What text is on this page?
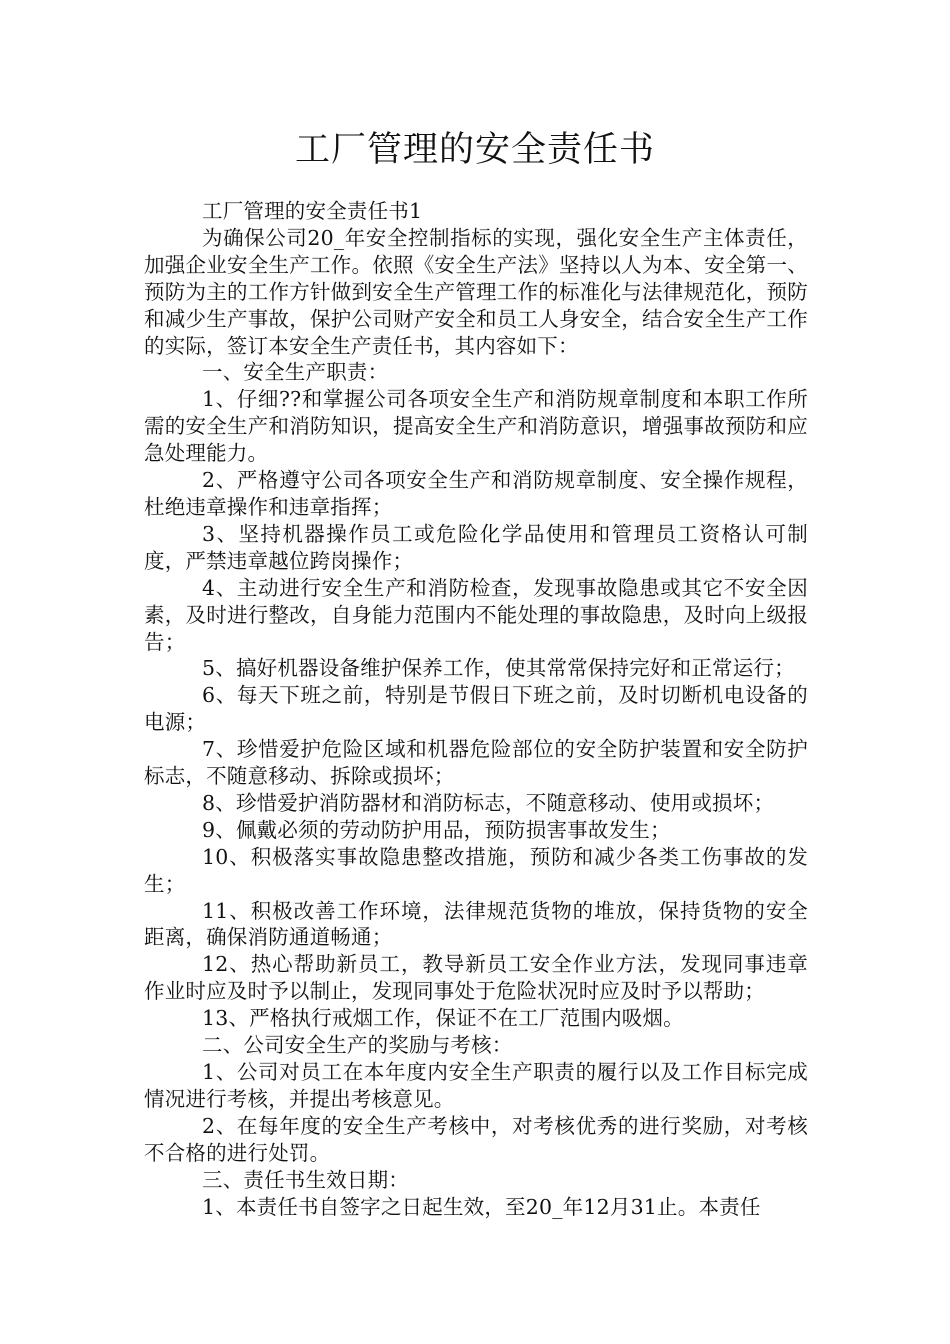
工厂管理的安全责任书

工厂管理的安全责任书1

为确保公司20_年安全控制指标的实现，强化安全生产主体责任，加强企业安全生产工作。依照《安全生产法》坚持以人为本、安全第一、预防为主的工作方针做到安全生产管理工作的标准化与法律规范化，预防和减少生产事故，保护公司财产安全和员工人身安全，结合安全生产工作的实际，签订本安全生产责任书，其内容如下：

一、安全生产职责：

1、仔细??和掌握公司各项安全生产和消防规章制度和本职工作所需的安全生产和消防知识，提高安全生产和消防意识，增强事故预防和应急处理能力。

2、严格遵守公司各项安全生产和消防规章制度、安全操作规程，杜绝违章操作和违章指挥；

3、坚持机器操作员工或危险化学品使用和管理员工资格认可制度，严禁违章越位跨岗操作；

4、主动进行安全生产和消防检查，发现事故隐患或其它不安全因素，及时进行整改，自身能力范围内不能处理的事故隐患，及时向上级报告；

5、搞好机器设备维护保养工作，使其常常保持完好和正常运行；

6、每天下班之前，特别是节假日下班之前，及时切断机电设备的电源；

7、珍惜爱护危险区域和机器危险部位的安全防护装置和安全防护标志，不随意移动、拆除或损坏；

8、珍惜爱护消防器材和消防标志，不随意移动、使用或损坏；

9、佩戴必须的劳动防护用品，预防损害事故发生；

10、积极落实事故隐患整改措施，预防和减少各类工伤事故的发生；

11、积极改善工作环境，法律规范货物的堆放，保持货物的安全距离，确保消防通道畅通；

12、热心帮助新员工，教导新员工安全作业方法，发现同事违章作业时应及时予以制止，发现同事处于危险状况时应及时予以帮助；

13、严格执行戒烟工作，保证不在工厂范围内吸烟。

二、公司安全生产的奖励与考核：

1、公司对员工在本年度内安全生产职责的履行以及工作目标完成情况进行考核，并提出考核意见。

2、在每年度的安全生产考核中，对考核优秀的进行奖励，对考核不合格的进行处罚。

三、责任书生效日期：

1、本责任书自签字之日起生效，至20_年12月31止。本责任
